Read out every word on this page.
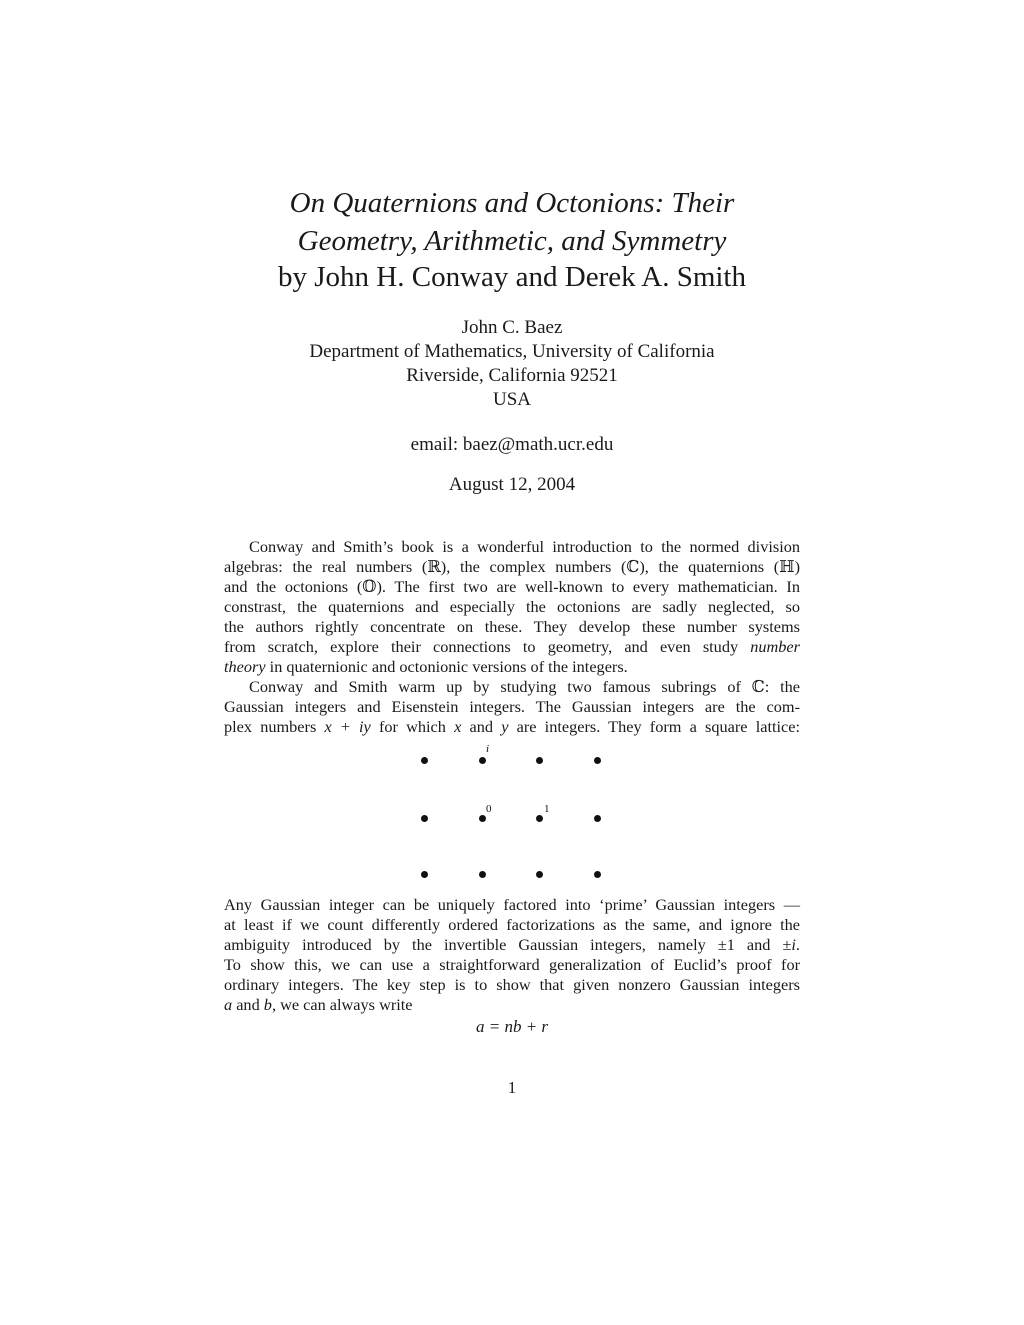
On Quaternions and Octonions: Their
Geometry, Arithmetic, and Symmetry
by John H. Conway and Derek A. Smith
John C. Baez
Department of Mathematics, University of California
Riverside, California 92521
USA
email: baez@math.ucr.edu
August 12, 2004
Conway and Smith’s book is a wonderful introduction to the normed division
algebras: the real numbers (ℝ), the complex numbers (ℂ), the quaternions (ℍ)
and the octonions (𝕆). The first two are well-known to every mathematician. In
constrast, the quaternions and especially the octonions are sadly neglected, so
the authors rightly concentrate on these. They develop these number systems
from scratch, explore their connections to geometry, and even study number
theory in quaternionic and octonionic versions of the integers.
Conway and Smith warm up by studying two famous subrings of ℂ: the
Gaussian integers and Eisenstein integers. The Gaussian integers are the com-
plex numbers x + iy for which x and y are integers. They form a square lattice:
i
0	1
Any Gaussian integer can be uniquely factored into ‘prime’ Gaussian integers —
at least if we count differently ordered factorizations as the same, and ignore the
ambiguity introduced by the invertible Gaussian integers, namely ±1 and ±i.
To show this, we can use a straightforward generalization of Euclid’s proof for
ordinary integers. The key step is to show that given nonzero Gaussian integers
a and b, we can always write
a = nb + r
1
